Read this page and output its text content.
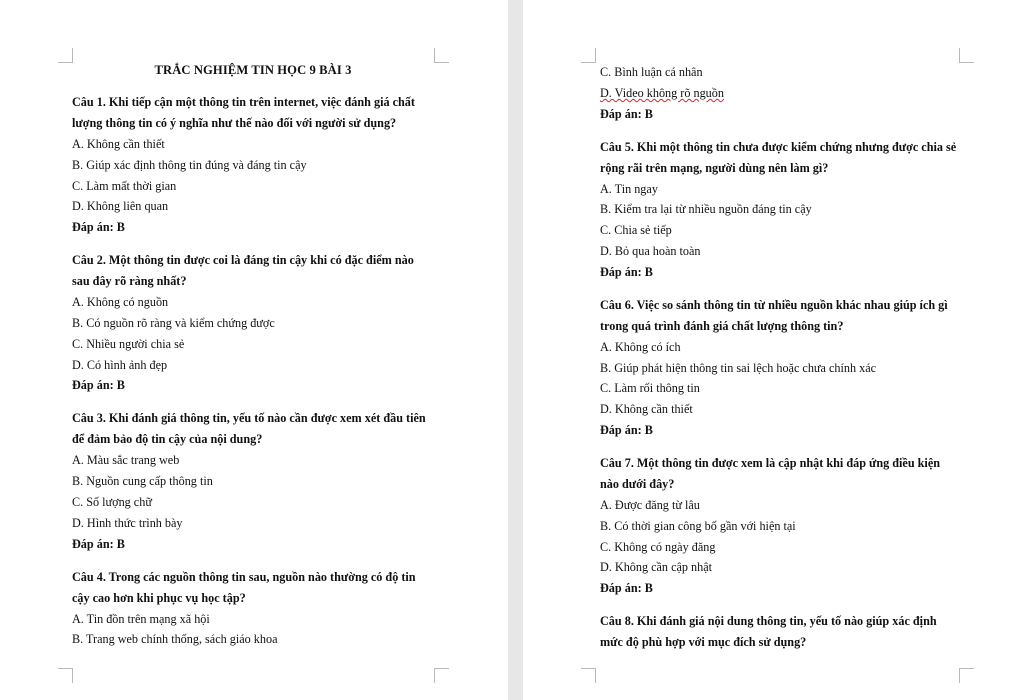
TRẮC NGHIỆM TIN HỌC 9 BÀI 3

Câu 1. Khi tiếp cận một thông tin trên internet, việc đánh giá chất

lượng thông tin có ý nghĩa như thế nào đối với người sử dụng?

A. Không cần thiết

B. Giúp xác định thông tin đúng và đáng tin cậy

C. Làm mất thời gian

D. Không liên quan

Đáp án: B

Câu 2. Một thông tin được coi là đáng tin cậy khi có đặc điểm nào

sau đây rõ ràng nhất?

A. Không có nguồn

B. Có nguồn rõ ràng và kiểm chứng được

C. Nhiều người chia sẻ

D. Có hình ảnh đẹp

Đáp án: B

Câu 3. Khi đánh giá thông tin, yếu tố nào cần được xem xét đầu tiên

để đảm bảo độ tin cậy của nội dung?

A. Màu sắc trang web

B. Nguồn cung cấp thông tin

C. Số lượng chữ

D. Hình thức trình bày

Đáp án: B

Câu 4. Trong các nguồn thông tin sau, nguồn nào thường có độ tin

cậy cao hơn khi phục vụ học tập?

A. Tin đồn trên mạng xã hội

B. Trang web chính thống, sách giáo khoa

C. Bình luận cá nhân

D. Video không rõ nguồn

Đáp án: B

Câu 5. Khi một thông tin chưa được kiểm chứng nhưng được chia sẻ

rộng rãi trên mạng, người dùng nên làm gì?

A. Tin ngay

B. Kiểm tra lại từ nhiều nguồn đáng tin cậy

C. Chia sẻ tiếp

D. Bỏ qua hoàn toàn

Đáp án: B

Câu 6. Việc so sánh thông tin từ nhiều nguồn khác nhau giúp ích gì

trong quá trình đánh giá chất lượng thông tin?

A. Không có ích

B. Giúp phát hiện thông tin sai lệch hoặc chưa chính xác

C. Làm rối thông tin

D. Không cần thiết

Đáp án: B

Câu 7. Một thông tin được xem là cập nhật khi đáp ứng điều kiện

nào dưới đây?

A. Được đăng từ lâu

B. Có thời gian công bố gần với hiện tại

C. Không có ngày đăng

D. Không cần cập nhật

Đáp án: B

Câu 8. Khi đánh giá nội dung thông tin, yếu tố nào giúp xác định

mức độ phù hợp với mục đích sử dụng?
